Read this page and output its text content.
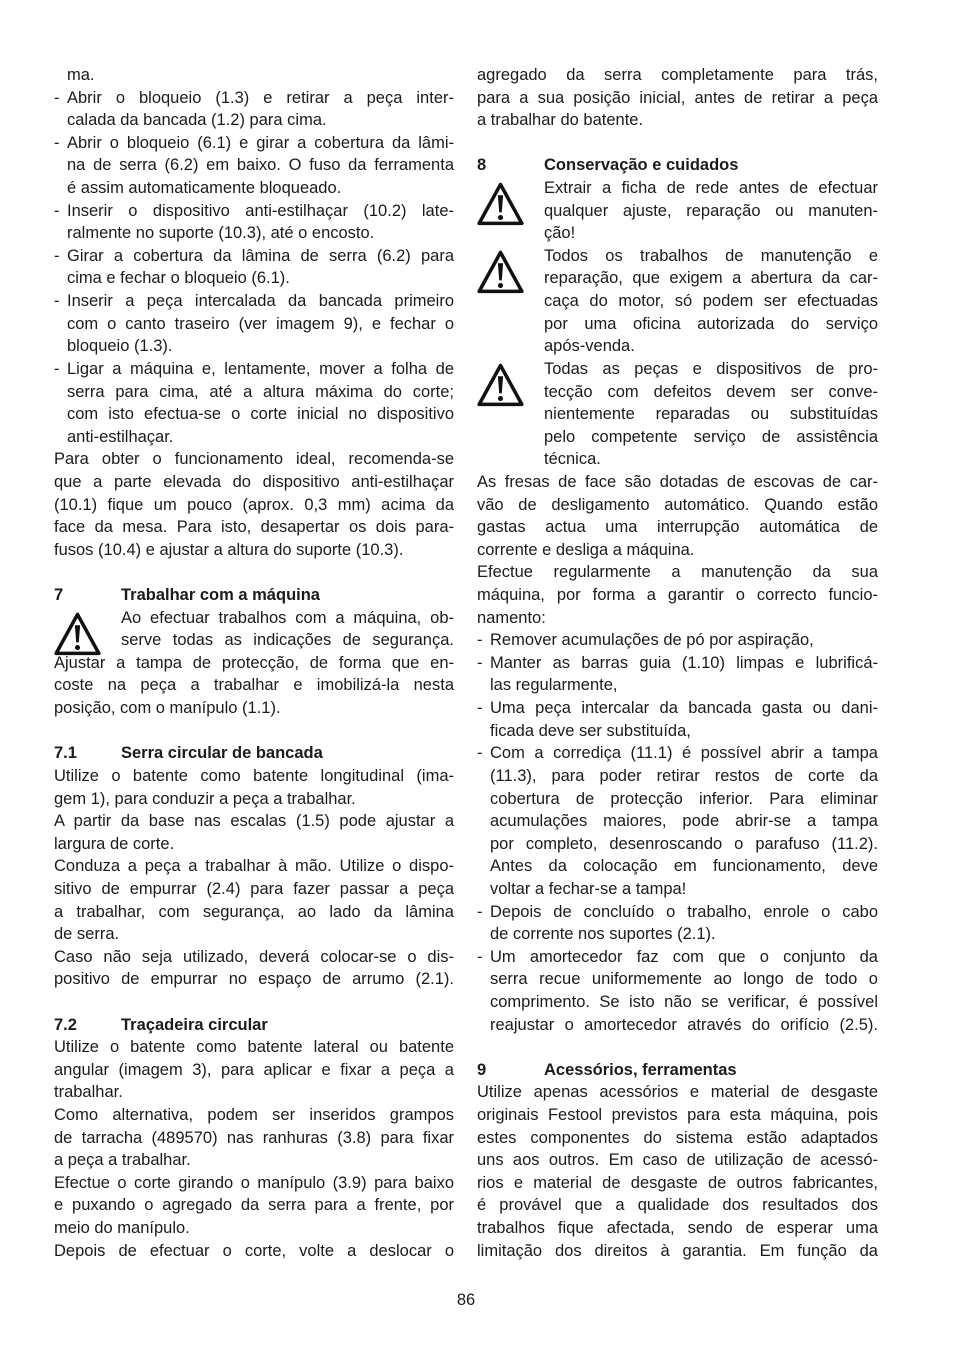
ma.
- Abrir o bloqueio (1.3) e retirar a peça inter-
calada da bancada (1.2) para cima.
- Abrir o bloqueio (6.1) e girar a cobertura da lâmi-
na de serra (6.2) em baixo. O fuso da ferramenta
é assim automaticamente bloqueado.
- Inserir o dispositivo anti-estilhaçar (10.2) late-
ralmente no suporte (10.3), até o encosto.
- Girar a cobertura da lâmina de serra (6.2) para
cima e fechar o bloqueio (6.1).
- Inserir a peça intercalada da bancada primeiro
com o canto traseiro (ver imagem 9), e fechar o
bloqueio (1.3).
- Ligar a máquina e, lentamente, mover a folha de
serra para cima, até a altura máxima do corte;
com isto efectua-se o corte inicial no dispositivo
anti-estilhaçar.
Para obter o funcionamento ideal, recomenda-se
que a parte elevada do dispositivo anti-estilhaçar
(10.1) fique um pouco (aprox. 0,3 mm) acima da
face da mesa. Para isto, desapertar os dois para-
fusos (10.4) e ajustar a altura do suporte (10.3).
7	Trabalhar com a máquina
Ao efectuar trabalhos com a máquina, ob-
serve todas as indicações de segurança.
Ajustar a tampa de protecção, de forma que en-
coste na peça a trabalhar e imobilizá-la nesta
posição, com o manípulo (1.1).
7.1	Serra circular de bancada
Utilize o batente como batente longitudinal (ima-
gem 1), para conduzir a peça a trabalhar.
A partir da base nas escalas (1.5) pode ajustar a
largura de corte.
Conduza a peça a trabalhar à mão. Utilize o dispo-
sitivo de empurrar (2.4) para fazer passar a peça
a trabalhar, com segurança, ao lado da lâmina
de serra.
Caso não seja utilizado, deverá colocar-se o dis-
positivo de empurrar no espaço de arrumo (2.1).
7.2	Traçadeira circular
Utilize o batente como batente lateral ou batente
angular (imagem 3), para aplicar e fixar a peça a
trabalhar.
Como alternativa, podem ser inseridos grampos
de tarracha (489570) nas ranhuras (3.8) para fixar
a peça a trabalhar.
Efectue o corte girando o manípulo (3.9) para baixo
e puxando o agregado da serra para a frente, por
meio do manípulo.
Depois de efectuar o corte, volte a deslocar o
agregado da serra completamente para trás,
para a sua posição inicial, antes de retirar a peça
a trabalhar do batente.
8	Conservação e cuidados
Extrair a ficha de rede antes de efectuar
qualquer ajuste, reparação ou manuten-
ção!
Todos os trabalhos de manutenção e
reparação, que exigem a abertura da car-
caça do motor, só podem ser efectuadas
por uma oficina autorizada do serviço
após-venda.
Todas as peças e dispositivos de pro-
tecção com defeitos devem ser conve-
nientemente reparadas ou substituídas
pelo competente serviço de assistência
técnica.
As fresas de face são dotadas de escovas de car-
vão de desligamento automático. Quando estão
gastas actua uma interrupção automática de
corrente e desliga a máquina.
Efectue regularmente a manutenção da sua
máquina, por forma a garantir o correcto funcio-
namento:
- Remover acumulações de pó por aspiração,
- Manter as barras guia (1.10) limpas e lubrificá-
las regularmente,
- Uma peça intercalar da bancada gasta ou dani-
ficada deve ser substituída,
- Com a corrediça (11.1) é possível abrir a tampa
(11.3), para poder retirar restos de corte da
cobertura de protecção inferior. Para eliminar
acumulações maiores, pode abrir-se a tampa
por completo, desenroscando o parafuso (11.2).
Antes da colocação em funcionamento, deve
voltar a fechar-se a tampa!
- Depois de concluído o trabalho, enrole o cabo
de corrente nos suportes (2.1).
- Um amortecedor faz com que o conjunto da
serra recue uniformemente ao longo de todo o
comprimento. Se isto não se verificar, é possível
reajustar o amortecedor através do orifício (2.5).
9	Acessórios, ferramentas
Utilize apenas acessórios e material de desgaste
originais Festool previstos para esta máquina, pois
estes componentes do sistema estão adaptados
uns aos outros. Em caso de utilização de acessó-
rios e material de desgaste de outros fabricantes,
é provável que a qualidade dos resultados dos
trabalhos fique afectada, sendo de esperar uma
limitação dos direitos à garantia. Em função da
86
